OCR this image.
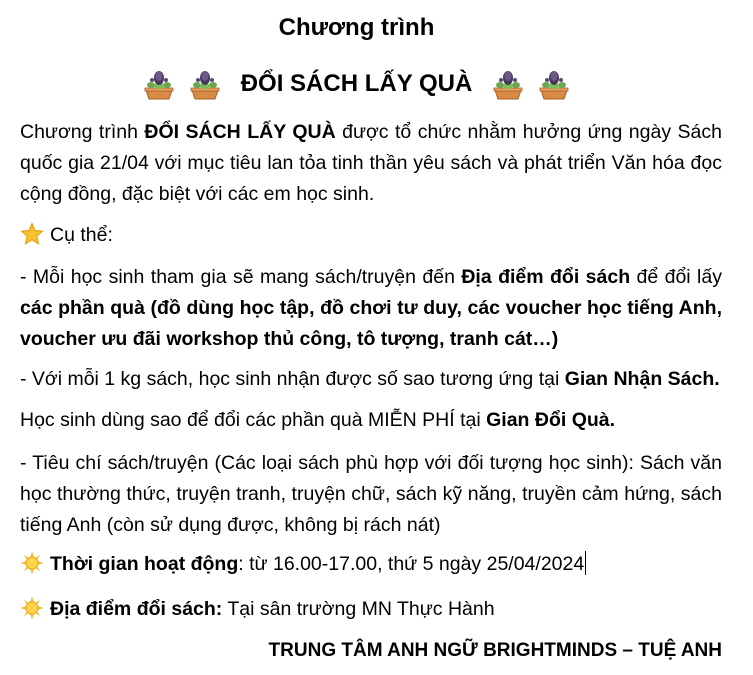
Chương trình
ĐỔI SÁCH LẤY QUÀ
Chương trình ĐỔI SÁCH LẤY QUÀ được tổ chức nhằm hưởng ứng ngày Sách quốc gia 21/04 với mục tiêu lan tỏa tinh thần yêu sách và phát triển Văn hóa đọc cộng đồng, đặc biệt với các em học sinh.
Cụ thể:
- Mỗi học sinh tham gia sẽ mang sách/truyện đến Địa điểm đổi sách để đổi lấy các phần quà (đồ dùng học tập, đồ chơi tư duy, các voucher học tiếng Anh, voucher ưu đãi workshop thủ công, tô tượng, tranh cát…)
- Với mỗi 1 kg sách, học sinh nhận được số sao tương ứng tại Gian Nhận Sách.
Học sinh dùng sao để đổi các phần quà MIỄN PHÍ tại Gian Đổi Quà.
- Tiêu chí sách/truyện (Các loại sách phù hợp với đối tượng học sinh): Sách văn học thường thức, truyện tranh, truyện chữ, sách kỹ năng, truyền cảm hứng, sách tiếng Anh (còn sử dụng được, không bị rách nát)
Thời gian hoạt động: từ 16.00-17.00, thứ 5 ngày 25/04/2024
Địa điểm đổi sách: Tại sân trường MN Thực Hành
TRUNG TÂM ANH NGỮ BRIGHTMINDS – TUỆ ANH
